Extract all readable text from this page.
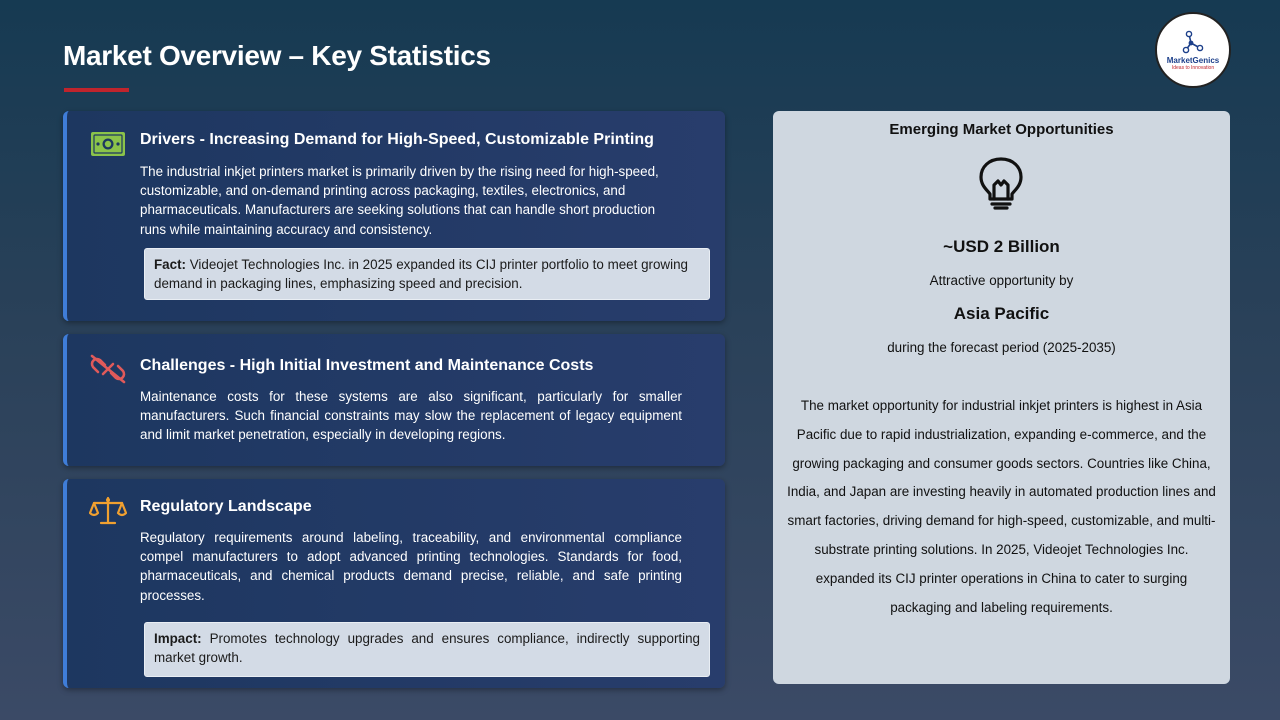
Market Overview – Key Statistics	MarketGenics
Ideas to Innovation
Drivers - Increasing Demand for High-Speed, Customizable Printing
The industrial inkjet printers market is primarily driven by the rising need for high-speed, customizable, and on-demand printing across packaging, textiles, electronics, and pharmaceuticals. Manufacturers are seeking solutions that can handle short production runs while maintaining accuracy and consistency.
Fact: Videojet Technologies Inc. in 2025 expanded its CIJ printer portfolio to meet growing demand in packaging lines, emphasizing speed and precision.
Challenges - High Initial Investment and Maintenance Costs
Maintenance costs for these systems are also significant, particularly for smaller manufacturers. Such financial constraints may slow the replacement of legacy equipment and limit market penetration, especially in developing regions.
Regulatory Landscape
Regulatory requirements around labeling, traceability, and environmental compliance compel manufacturers to adopt advanced printing technologies. Standards for food, pharmaceuticals, and chemical products demand precise, reliable, and safe printing processes.
Impact: Promotes technology upgrades and ensures compliance, indirectly supporting market growth.
Emerging Market Opportunities
~USD 2 Billion
Attractive opportunity by
Asia Pacific
during the forecast period (2025-2035)
The market opportunity for industrial inkjet printers is highest in Asia Pacific due to rapid industrialization, expanding e-commerce, and the growing packaging and consumer goods sectors. Countries like China, India, and Japan are investing heavily in automated production lines and smart factories, driving demand for high-speed, customizable, and multi-substrate printing solutions. In 2025, Videojet Technologies Inc. expanded its CIJ printer operations in China to cater to surging packaging and labeling requirements.
